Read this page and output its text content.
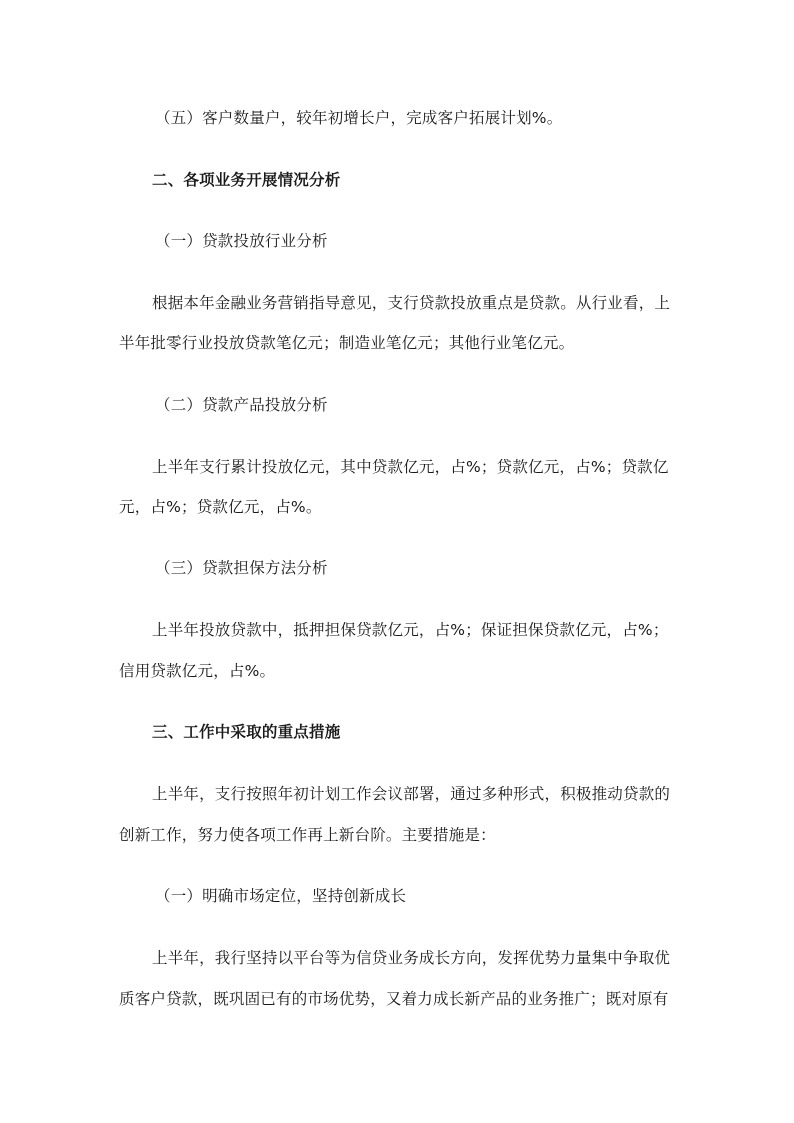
（五）客户数量户，较年初增长户，完成客户拓展计划%。
二、各项业务开展情况分析
（一）贷款投放行业分析
根据本年金融业务营销指导意见，支行贷款投放重点是贷款。从行业看，上
半年批零行业投放贷款笔亿元；制造业笔亿元；其他行业笔亿元。
（二）贷款产品投放分析
上半年支行累计投放亿元，其中贷款亿元，占%；贷款亿元，占%；贷款亿
元，占%；贷款亿元，占%。
（三）贷款担保方法分析
上半年投放贷款中，抵押担保贷款亿元，占%；保证担保贷款亿元，占%；
信用贷款亿元，占%。
三、工作中采取的重点措施
上半年，支行按照年初计划工作会议部署，通过多种形式，积极推动贷款的
创新工作，努力使各项工作再上新台阶。主要措施是：
（一）明确市场定位，坚持创新成长
上半年，我行坚持以平台等为信贷业务成长方向，发挥优势力量集中争取优
质客户贷款，既巩固已有的市场优势，又着力成长新产品的业务推广；既对原有
